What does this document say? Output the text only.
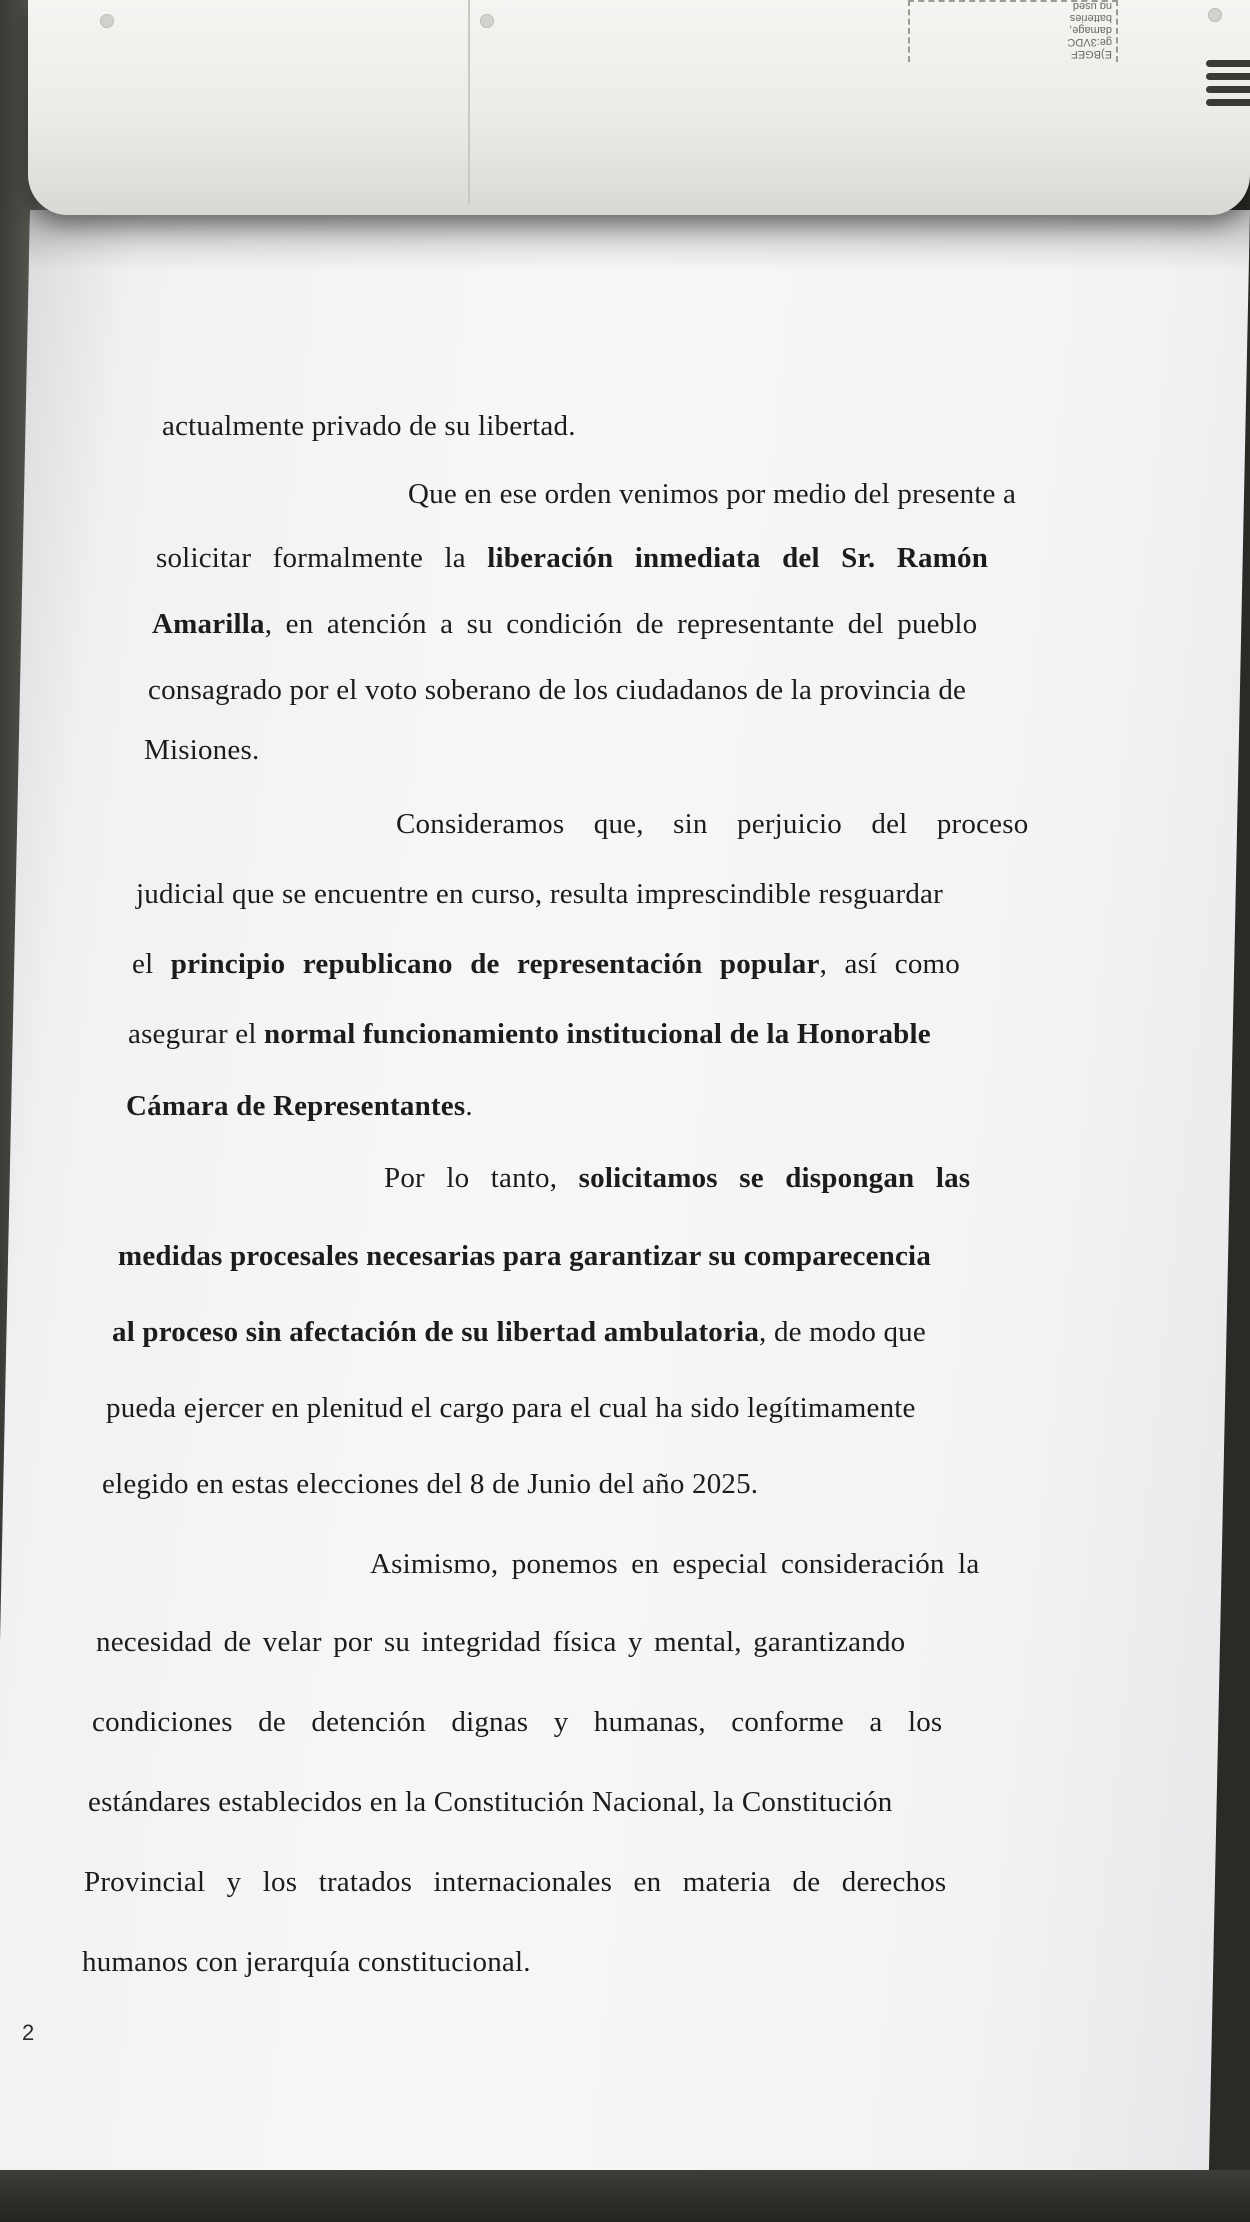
E)BGEF
ge:3VDC
damage,
batteries
ng used
actualmente privado de su libertad.
Que en ese orden venimos por medio del presente a
solicitar formalmente la liberación inmediata del Sr. Ramón
Amarilla, en atención a su condición de representante del pueblo
consagrado por el voto soberano de los ciudadanos de la provincia de
Misiones.
Consideramos que, sin perjuicio del proceso
judicial que se encuentre en curso, resulta imprescindible resguardar
el principio republicano de representación popular, así como
asegurar el normal funcionamiento institucional de la Honorable
Cámara de Representantes.
Por lo tanto, solicitamos se dispongan las
medidas procesales necesarias para garantizar su comparecencia
al proceso sin afectación de su libertad ambulatoria, de modo que
pueda ejercer en plenitud el cargo para el cual ha sido legítimamente
elegido en estas elecciones del 8 de Junio del año 2025.
Asimismo, ponemos en especial consideración la
necesidad de velar por su integridad física y mental, garantizando
condiciones de detención dignas y humanas, conforme a los
estándares establecidos en la Constitución Nacional, la Constitución
Provincial y los tratados internacionales en materia de derechos
humanos con jerarquía constitucional.
2
